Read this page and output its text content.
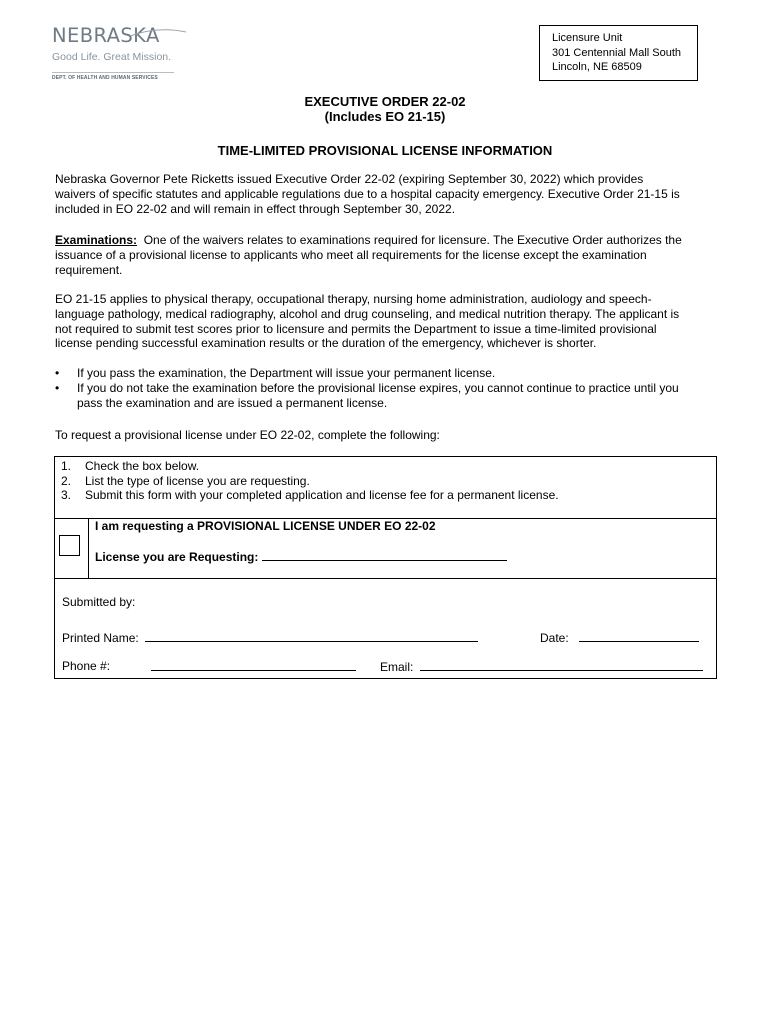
NEBRASKA
Good Life. Great Mission.
DEPT. OF HEALTH AND HUMAN SERVICES
Licensure Unit
301 Centennial Mall South
Lincoln, NE 68509
EXECUTIVE ORDER 22-02
(Includes EO 21-15)
TIME-LIMITED PROVISIONAL LICENSE INFORMATION
Nebraska Governor Pete Ricketts issued Executive Order 22-02 (expiring September 30, 2022) which provides
waivers of specific statutes and applicable regulations due to a hospital capacity emergency. Executive Order 21-15 is
included in EO 22-02 and will remain in effect through September 30, 2022.
Examinations: One of the waivers relates to examinations required for licensure. The Executive Order authorizes the
issuance of a provisional license to applicants who meet all requirements for the license except the examination
requirement.
EO 21-15 applies to physical therapy, occupational therapy, nursing home administration, audiology and speech-
language pathology, medical radiography, alcohol and drug counseling, and medical nutrition therapy. The applicant is
not required to submit test scores prior to licensure and permits the Department to issue a time-limited provisional
license pending successful examination results or the duration of the emergency, whichever is shorter.
• If you pass the examination, the Department will issue your permanent license.
• If you do not take the examination before the provisional license expires, you cannot continue to practice until you
pass the examination and are issued a permanent license.
To request a provisional license under EO 22-02, complete the following:
1. Check the box below.
2. List the type of license you are requesting.
3. Submit this form with your completed application and license fee for a permanent license.
I am requesting a PROVISIONAL LICENSE UNDER EO 22-02
License you are Requesting:
Submitted by:
Printed Name:	Date:
Phone #:	Email:
